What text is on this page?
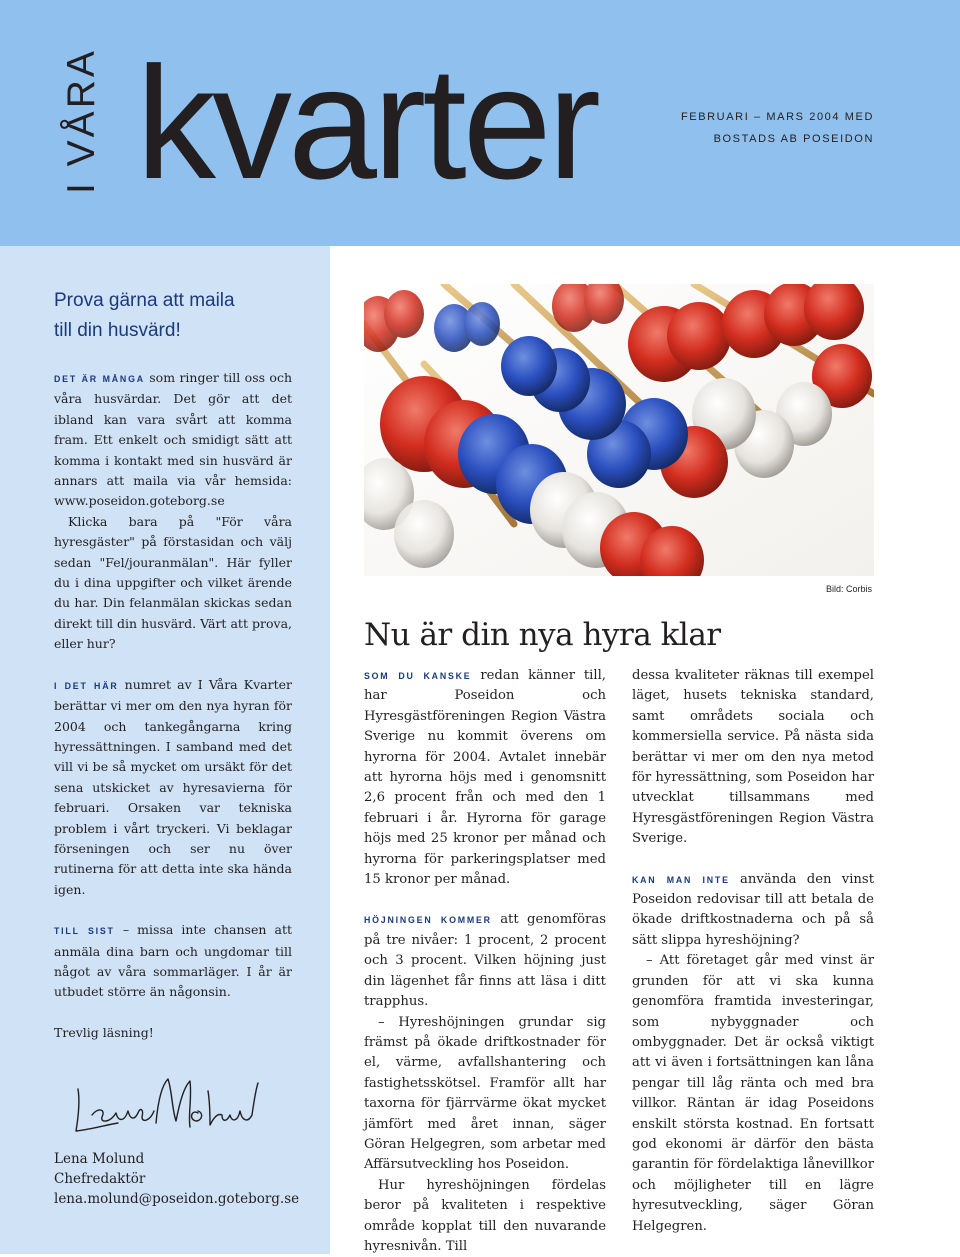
I VÅRA kvarter	FEBRUARI – MARS 2004 MED
BOSTADS AB POSEIDON
Prova gärna att maila
till din husvärd!

DET ÄR MÅNGA som ringer till oss och våra husvärdar. Det gör att det ibland kan vara svårt att komma fram. Ett enkelt och smidigt sätt att komma i kontakt med sin husvärd är annars att maila via vår hemsida: www.poseidon.goteborg.se

Klicka bara på "För våra hyresgäster" på förstasidan och välj sedan "Fel/jouranmälan". Här fyller du i dina uppgifter och vilket ärende du har. Din felanmälan skickas sedan direkt till din husvärd. Värt att prova, eller hur?

I DET HÄR numret av I Våra Kvarter berättar vi mer om den nya hyran för 2004 och tankegångarna kring hyressättningen. I samband med det vill vi be så mycket om ursäkt för det sena utskicket av hyresavierna för februari. Orsaken var tekniska problem i vårt tryckeri. Vi beklagar förseningen och ser nu över rutinerna för att detta inte ska hända igen.

TILL SIST – missa inte chansen att anmäla dina barn och ungdomar till något av våra sommarläger. I år är utbudet större än någonsin.

Trevlig läsning!

Lena Molund
Chefredaktör
lena.molund@poseidon.goteborg.se
Bild: Corbis
Nu är din nya hyra klar

SOM DU KANSKE redan känner till, har Poseidon och Hyresgästföreningen Region Västra Sverige nu kommit överens om hyrorna för 2004. Avtalet innebär att hyrorna höjs med i genomsnitt 2,6 procent från och med den 1 februari i år. Hyrorna för garage höjs med 25 kronor per månad och hyrorna för parkeringsplatser med 15 kronor per månad.

HÖJNINGEN KOMMER att genomföras på tre nivåer: 1 procent, 2 procent och 3 procent. Vilken höjning just din lägenhet får finns att läsa i ditt trapphus.

– Hyreshöjningen grundar sig främst på ökade driftkostnader för el, värme, avfallshantering och fastighetsskötsel. Framför allt har taxorna för fjärrvärme ökat mycket jämfört med året innan, säger Göran Helgegren, som arbetar med Affärsutveckling hos Poseidon.

Hur hyreshöjningen fördelas beror på kvaliteten i respektive område kopplat till den nuvarande hyresnivån. Till

dessa kvaliteter räknas till exempel läget, husets tekniska standard, samt områdets sociala och kommersiella service. På nästa sida berättar vi mer om den nya metod för hyressättning, som Poseidon har utvecklat tillsammans med Hyresgästföreningen Region Västra Sverige.

KAN MAN INTE använda den vinst Poseidon redovisar till att betala de ökade driftkostnaderna och på så sätt slippa hyreshöjning?

– Att företaget går med vinst är grunden för att vi ska kunna genomföra framtida investeringar, som nybyggnader och ombyggnader. Det är också viktigt att vi även i fortsättningen kan låna pengar till låg ränta och med bra villkor. Räntan är idag Poseidons enskilt största kostnad. En fortsatt god ekonomi är därför den bästa garantin för fördelaktiga lånevillkor och möjligheter till en lägre hyresutveckling, säger Göran Helgegren.
